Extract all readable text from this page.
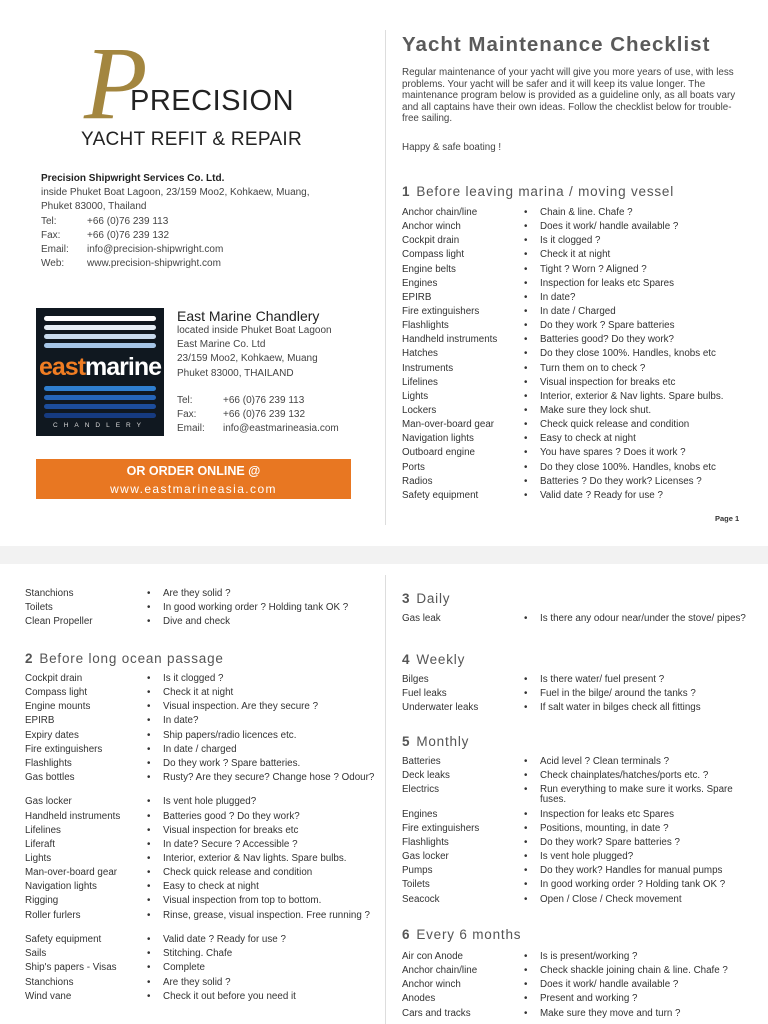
P
PRECISION
YACHT REFIT & REPAIR
Precision Shipwright Services Co. Ltd.
inside Phuket Boat Lagoon, 23/159 Moo2, Kohkaew, Muang,
Phuket 83000, Thailand
Tel:	+66 (0)76 239 113
Fax:	+66 (0)76 239 132
Email:	info@precision-shipwright.com
Web:	www.precision-shipwright.com
eastmarine
CHANDLERY
East Marine Chandlery
located inside Phuket Boat Lagoon
East Marine Co. Ltd
23/159 Moo2, Kohkaew, Muang
Phuket 83000, THAILAND
Tel:	+66 (0)76 239 113
Fax:	+66 (0)76 239 132
Email:	info@eastmarineasia.com
OR ORDER ONLINE @
www.eastmarineasia.com
Yacht Maintenance Checklist
Regular maintenance of your yacht will give you more years of use, with less problems. Your yacht will be safer and it will keep its value longer. The maintenance program below is provided as a guideline only, as all boats vary and all captains have their own ideas. Follow the checklist below for trouble-free sailing.
Happy & safe boating !
1 Before leaving marina / moving vessel
Anchor chain/line	• Chain & line. Chafe ?
Anchor winch	• Does it work/ handle available ?
Cockpit drain	• Is it clogged ?
Compass light	• Check it at night
Engine belts	• Tight ? Worn ? Aligned ?
Engines	• Inspection for leaks etc Spares
EPIRB	• In date?
Fire extinguishers	• In date / Charged
Flashlights	• Do they work ? Spare batteries
Handheld instruments	• Batteries good? Do they work?
Hatches	• Do they close 100%. Handles, knobs etc
Instruments	• Turn them on to check ?
Lifelines	• Visual inspection for breaks etc
Lights	• Interior, exterior & Nav lights. Spare bulbs.
Lockers	• Make sure they lock shut.
Man-over-board gear	• Check quick release and condition
Navigation lights	• Easy to check at night
Outboard engine	• You have spares ? Does it work ?
Ports	• Do they close 100%. Handles, knobs etc
Radios	• Batteries ? Do they work? Licenses ?
Safety equipment	• Valid date ? Ready for use ?
Page 1
Stanchions	• Are they solid ?
Toilets	• In good working order ? Holding tank OK ?
Clean Propeller	• Dive and check
2 Before long ocean passage
Cockpit drain	• Is it clogged ?
Compass light	• Check it at night
Engine mounts	• Visual inspection. Are they secure ?
EPIRB	• In date?
Expiry dates	• Ship papers/radio licences etc.
Fire extinguishers	• In date / charged
Flashlights	• Do they work ? Spare batteries.
Gas bottles	• Rusty? Are they secure? Change hose ? Odour?
Gas locker	• Is vent hole plugged?
Handheld instruments	• Batteries good ? Do they work?
Lifelines	• Visual inspection for breaks etc
Liferaft	• In date? Secure ? Accessible ?
Lights	• Interior, exterior & Nav lights. Spare bulbs.
Man-over-board gear	• Check quick release and condition
Navigation lights	• Easy to check at night
Rigging	• Visual inspection from top to bottom.
Roller furlers	• Rinse, grease, visual inspection. Free running ?
Safety equipment	• Valid date ? Ready for use ?
Sails	• Stitching. Chafe
Ship's papers - Visas	• Complete
Stanchions	• Are they solid ?
Wind vane	• Check it out before you need it
3 Daily
Gas leak	• Is there any odour near/under the stove/ pipes?
4 Weekly
Bilges	• Is there water/ fuel present ?
Fuel leaks	• Fuel in the bilge/ around the tanks ?
Underwater leaks	• If salt water in bilges check all fittings
5 Monthly
Batteries	• Acid level ? Clean terminals ?
Deck leaks	• Check chainplates/hatches/ports etc. ?
Electrics	• Run everything to make sure it works. Spare fuses.
Engines	• Inspection for leaks etc Spares
Fire extinguishers	• Positions, mounting, in date ?
Flashlights	• Do they work? Spare batteries ?
Gas locker	• Is vent hole plugged?
Pumps	• Do they work? Handles for manual pumps
Toilets	• In good working order ? Holding tank OK ?
Seacock	• Open / Close / Check movement
6 Every 6 months
Air con Anode	• Is is present/working ?
Anchor chain/line	• Check shackle joining chain & line. Chafe ?
Anchor winch	• Does it work/ handle available ?
Anodes	• Present and working ?
Cars and tracks	• Make sure they move and turn ?
